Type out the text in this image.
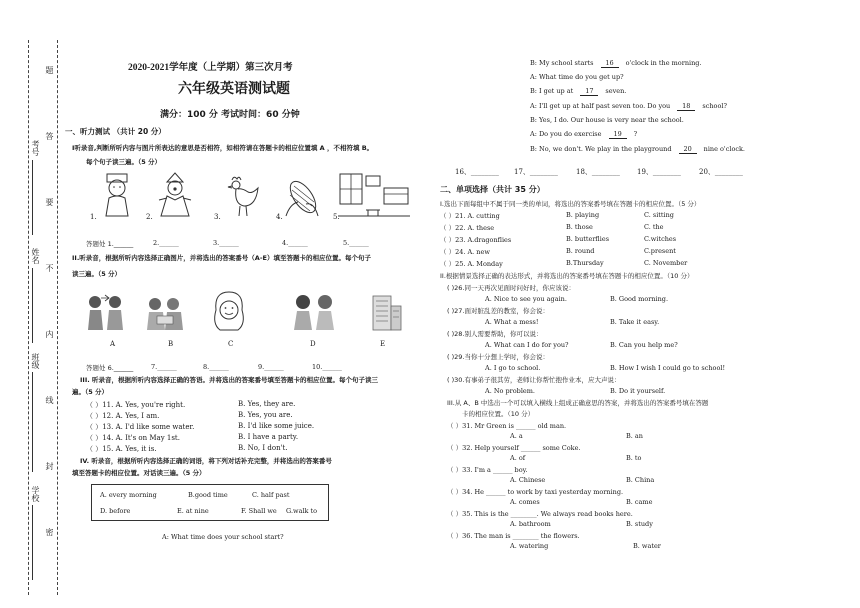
学校
班级
姓名
考号
密
封
线
内
不
要
答
题	2020-2021学年度（上学期）第三次月考
六年级英语测试题
满分：100 分 考试时间：60 分钟
一、听力测试 （共计 20 分）
I听录音,判断所听内容与图片所表达的意思是否相符，如相符请在答题卡的相应位置填 A ，不相符填 B。
每个句子读三遍。（5 分）
1.	2.	3.	4.	5.
答题处 1.______	2.______	3.______	4.______	5.______
II.听录音，根据所听内容选择正确图片，并将选出的答案番号（A-E）填至答题卡的相应位置。每个句子
读三遍。（5 分）
A	B	C	D	E
答题处 6.______	7.______	8.______	9.______	10.______
III. 听录音，根据所听内容选择正确的答语。并将选出的答案番号填至答题卡的相应位置。每个句子读三
遍。（5 分）
（ ）11. A. Yes, you're right.	B. Yes, they are.
（ ）12. A. Yes, I am.	B. Yes, you are.
（ ）13. A. I'd like some water.	B. I'd like some juice.
（ ）14. A. It's on May 1st.	B. I have a party.
（ ）15. A. Yes, it is.	B. No, I don't.
IV. 听录音，根据所听内容选择正确的词语，将下列对话补充完整，并将选出的答案番号
填至答题卡的相应位置。对话读三遍。（5 分）
A. every morning	B.good time	C. half past
D. before	E. at nine	F. Shall we G.walk to
A: What time does your school start?
B: My school starts 16 o'clock in the morning.
A: What time do you get up?
B: I get up at 17 seven.
A: I'll get up at half past seven too. Do you 18 school?
B: Yes, I do. Our house is very near the school.
A: Do you do exercise 19 ?
B: No, we don't. We play in the playground 20 nine o'clock.
16、________ 17、________	18、________ 19、________	20、________
二、单项选择（共计 35 分）
I.选出下面每组中不属于同一类的单词，将选出的答案番号填在答题卡的相应位置。（5 分）
（ ）21. A. cutting	B. playing	C. sitting
（ ）22. A. these	B. those	C. the
（ ）23. A.dragonflies	B. butterflies	C.witches
（ ）24. A. new	B. round	C.present
（ ）25. A. Monday	B.Thursday	C. November
II.根据情景选择正确的表达形式，并将选出的答案番号填在答题卡的相应位置。（10 分）
( )26.同一天再次见面时问好时，你应该说：
A. Nice to see you again.	B. Good morning.
( )27.面对脏乱差的教室，你会说：
A. What a mess!	B. Take it easy.
( )28.别人需要帮助，你可以说：
A. What can I do for you?	B. Can you help me?
( )29.当你十分想上学时，你会说：
A. I go to school.	B. How I wish I could go to school!
( )30.有事弟子很其劳，老师让你帮忙抱作业本，应大声说：
A. No problem.	B. Do it yourself.
III.从 A、B 中选出一个可以填入横线上组成正确意思的答案，并将选出的答案番号填在答题
卡的相应位置。（10 分）
（ ）31. Mr Green is ______ old man.
A. a	B. an
（ ）32. Help yourself ______ some Coke.
A. of	B. to
（ ）33. I'm a ______ boy.
A. Chinese	B. China
（ ）34. He ______ to work by taxi yesterday morning.
A. comes	B. came
（ ）35. This is the ________. We always read books here.
A. bathroom	B. study
（ ）36. The man is ________ the flowers.
A. watering	B. water
